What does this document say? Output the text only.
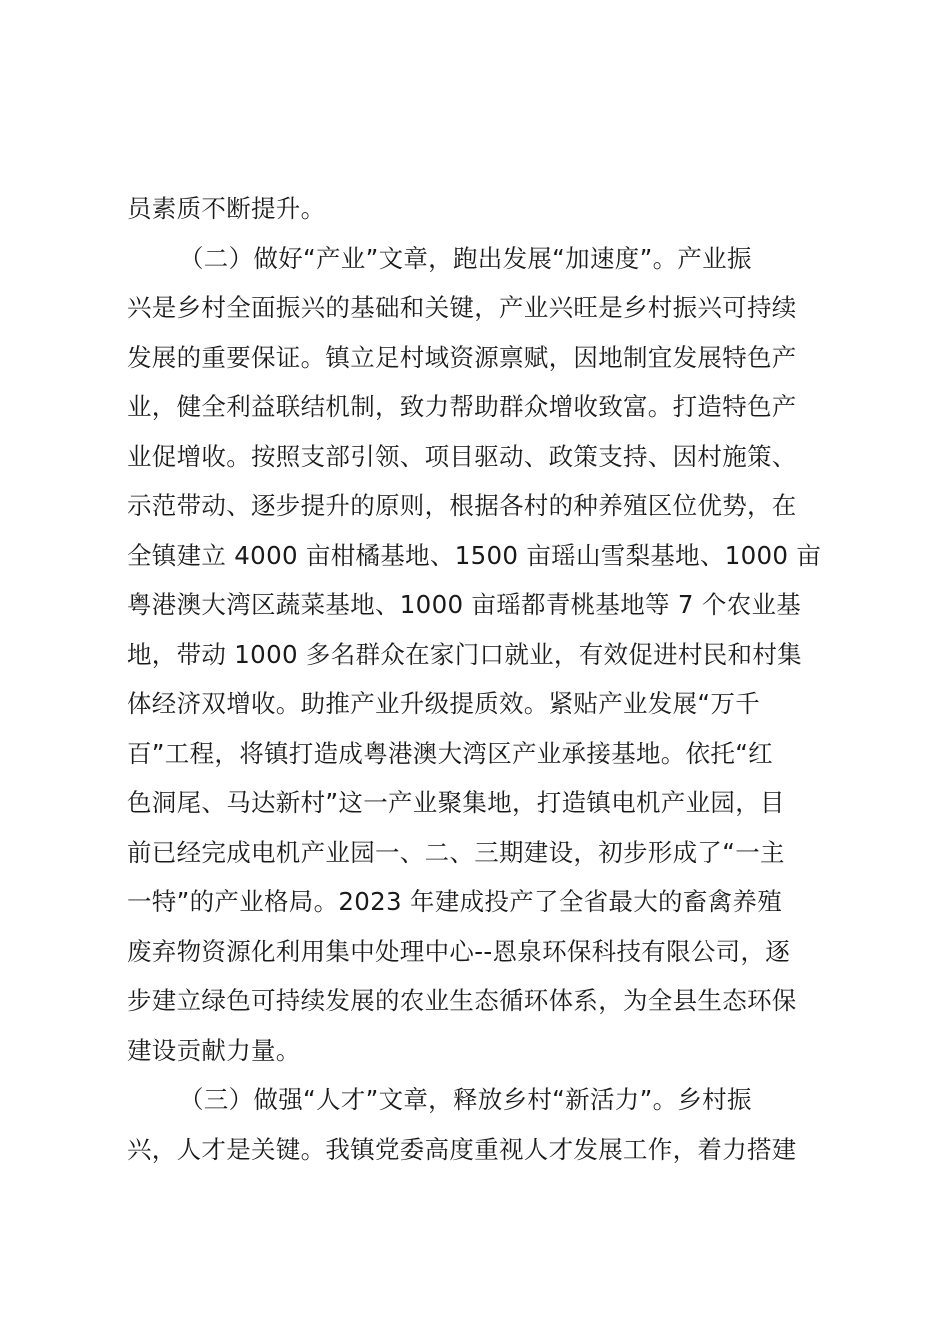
员素质不断提升。
（二）做好“产业”文章，跑出发展“加速度”。产业振
兴是乡村全面振兴的基础和关键，产业兴旺是乡村振兴可持续
发展的重要保证。镇立足村域资源禀赋，因地制宜发展特色产
业，健全利益联结机制，致力帮助群众增收致富。打造特色产
业促增收。按照支部引领、项目驱动、政策支持、因村施策、
示范带动、逐步提升的原则，根据各村的种养殖区位优势，在
全镇建立 4000 亩柑橘基地、1500 亩瑶山雪梨基地、1000 亩
粤港澳大湾区蔬菜基地、1000 亩瑶都青桃基地等 7 个农业基
地，带动 1000 多名群众在家门口就业，有效促进村民和村集
体经济双增收。助推产业升级提质效。紧贴产业发展“万千
百”工程，将镇打造成粤港澳大湾区产业承接基地。依托“红
色洞尾、马达新村”这一产业聚集地，打造镇电机产业园，目
前已经完成电机产业园一、二、三期建设，初步形成了“一主
一特”的产业格局。2023 年建成投产了全省最大的畜禽养殖
废弃物资源化利用集中处理中心--恩泉环保科技有限公司，逐
步建立绿色可持续发展的农业生态循环体系，为全县生态环保
建设贡献力量。
（三）做强“人才”文章，释放乡村“新活力”。乡村振
兴，人才是关键。我镇党委高度重视人才发展工作，着力搭建
